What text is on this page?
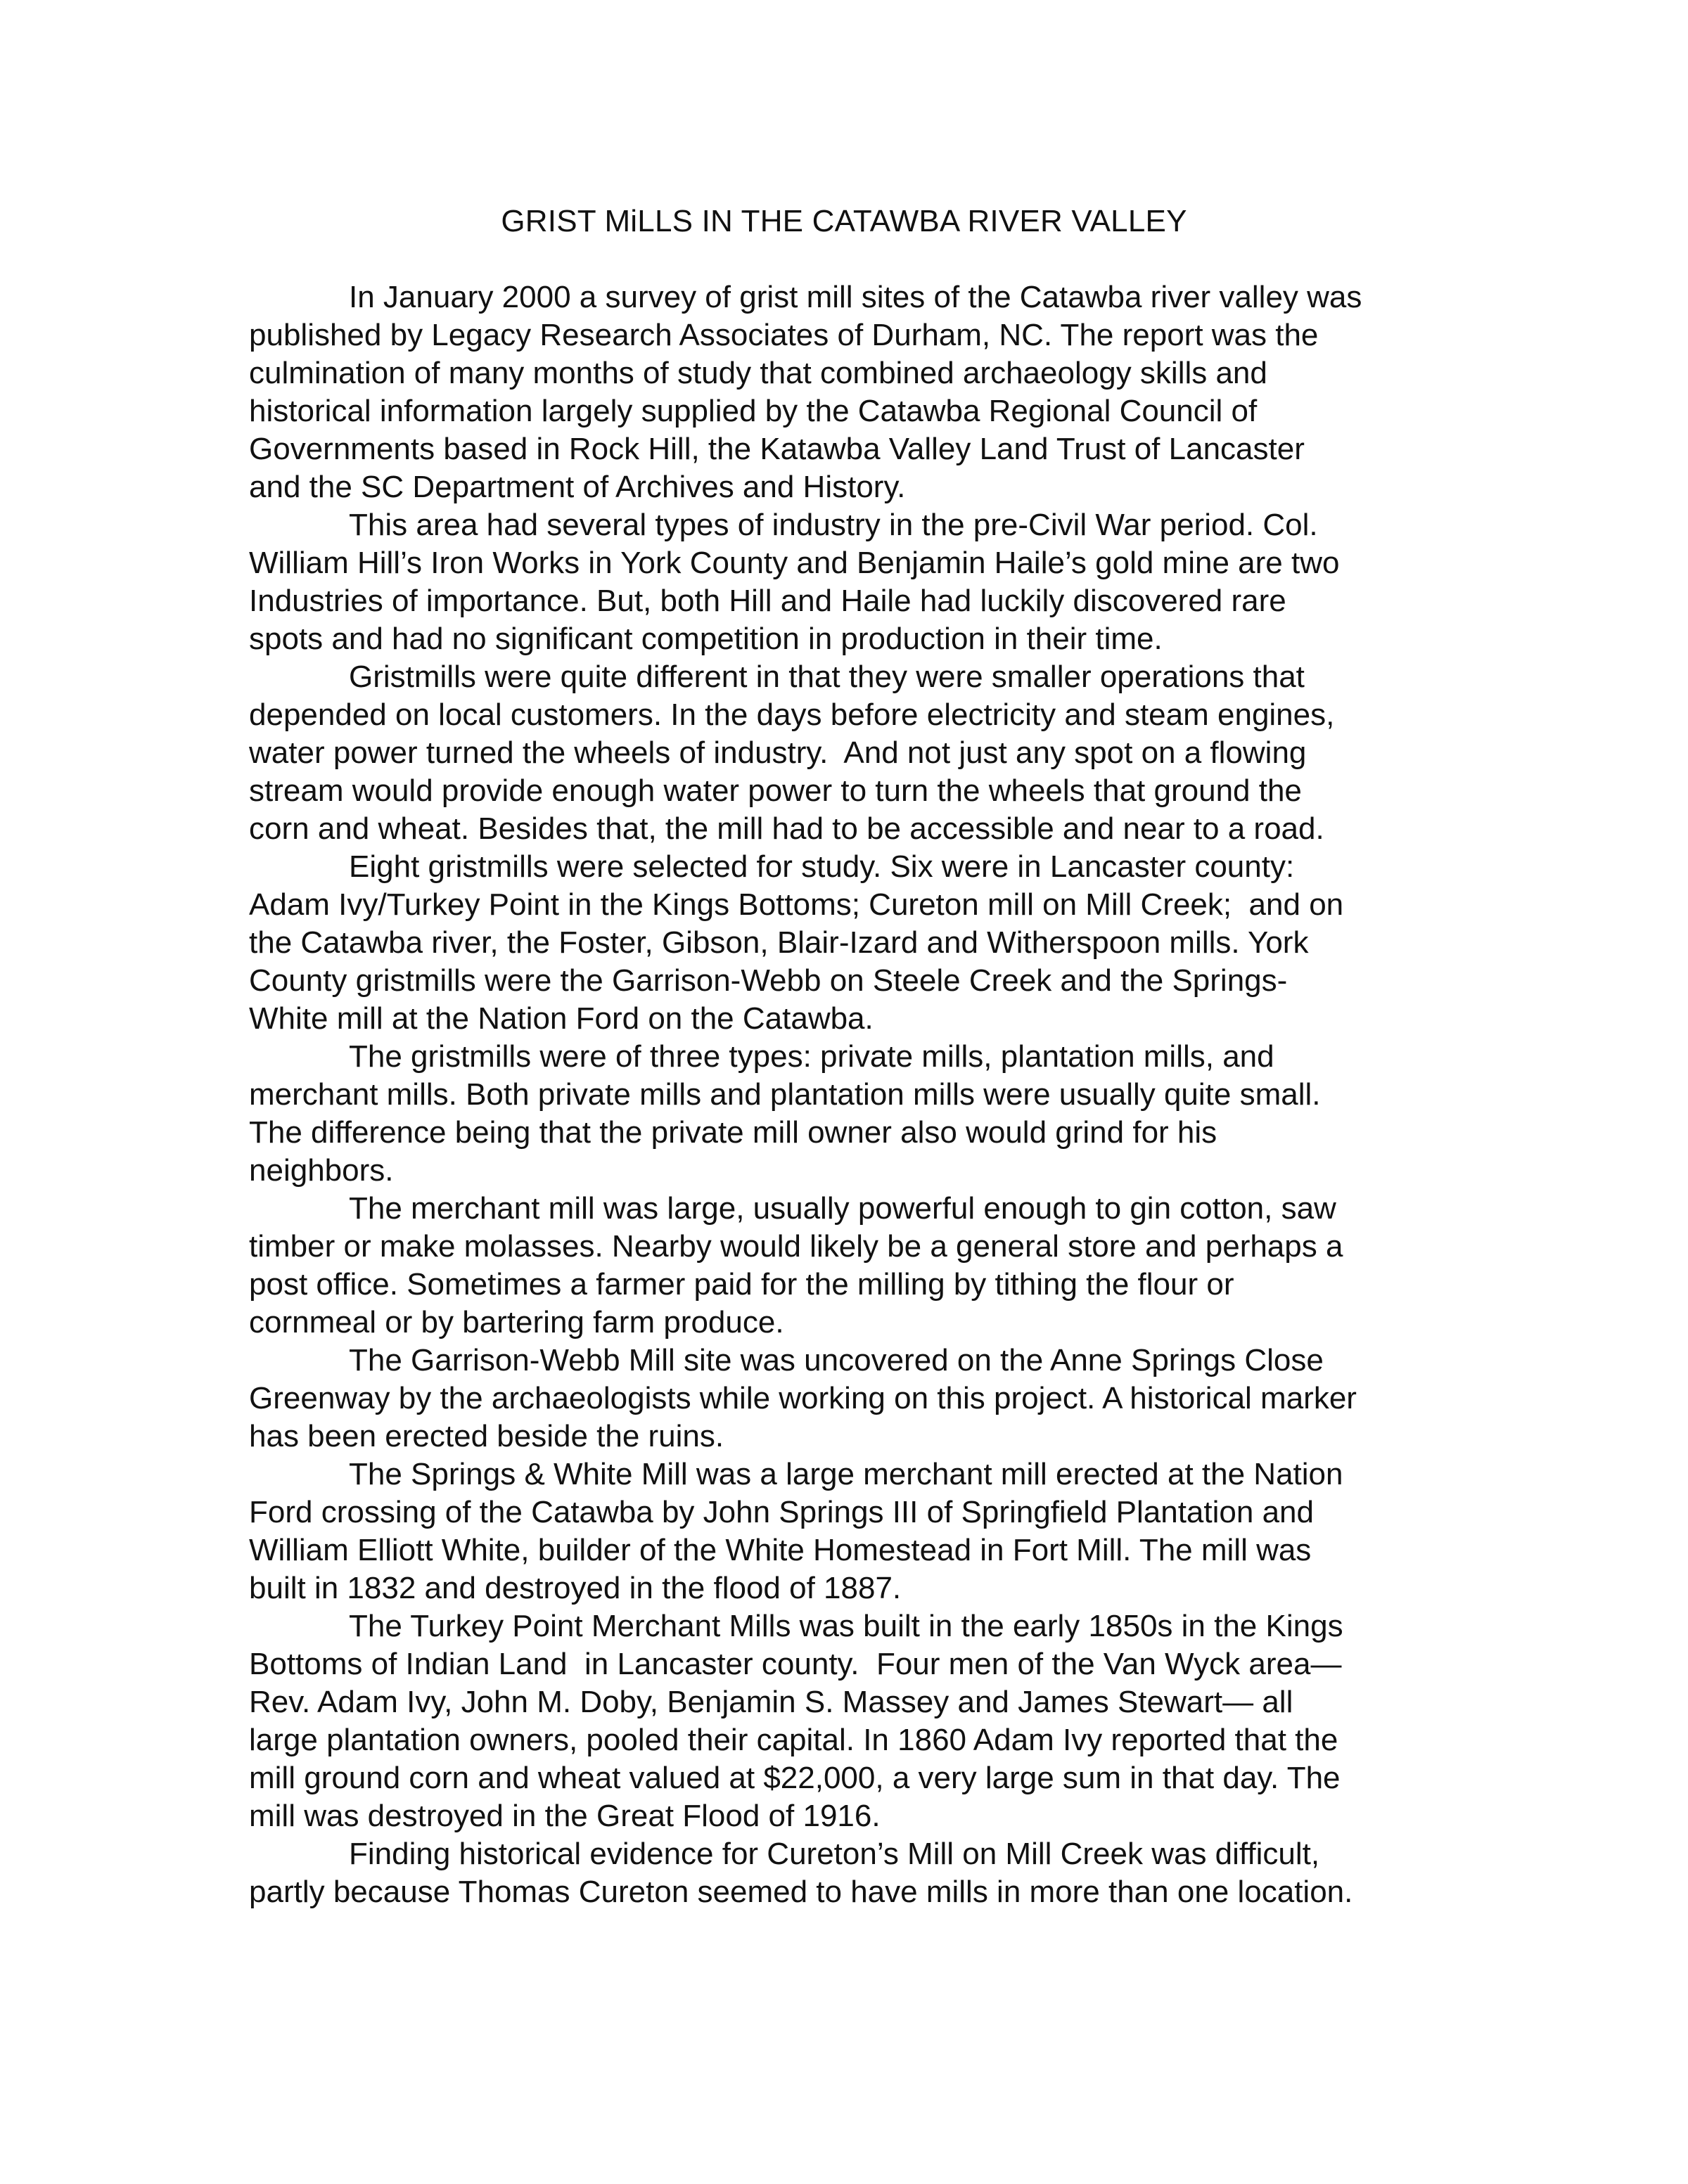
GRIST MiLLS IN THE CATAWBA RIVER VALLEY
In January 2000 a survey of grist mill sites of the Catawba river valley was
published by Legacy Research Associates of Durham, NC. The report was the
culmination of many months of study that combined archaeology skills and
historical information largely supplied by the Catawba Regional Council of
Governments based in Rock Hill, the Katawba Valley Land Trust of Lancaster
and the SC Department of Archives and History.
This area had several types of industry in the pre-Civil War period. Col.
William Hill’s Iron Works in York County and Benjamin Haile’s gold mine are two
Industries of importance. But, both Hill and Haile had luckily discovered rare
spots and had no significant competition in production in their time.
Gristmills were quite different in that they were smaller operations that
depended on local customers. In the days before electricity and steam engines,
water power turned the wheels of industry.  And not just any spot on a flowing
stream would provide enough water power to turn the wheels that ground the
corn and wheat. Besides that, the mill had to be accessible and near to a road.
Eight gristmills were selected for study. Six were in Lancaster county:
Adam Ivy/Turkey Point in the Kings Bottoms; Cureton mill on Mill Creek;  and on
the Catawba river, the Foster, Gibson, Blair-Izard and Witherspoon mills. York
County gristmills were the Garrison-Webb on Steele Creek and the Springs-
White mill at the Nation Ford on the Catawba.
The gristmills were of three types: private mills, plantation mills, and
merchant mills. Both private mills and plantation mills were usually quite small.
The difference being that the private mill owner also would grind for his
neighbors.
The merchant mill was large, usually powerful enough to gin cotton, saw
timber or make molasses. Nearby would likely be a general store and perhaps a
post office. Sometimes a farmer paid for the milling by tithing the flour or
cornmeal or by bartering farm produce.
The Garrison-Webb Mill site was uncovered on the Anne Springs Close
Greenway by the archaeologists while working on this project. A historical marker
has been erected beside the ruins.
The Springs & White Mill was a large merchant mill erected at the Nation
Ford crossing of the Catawba by John Springs III of Springfield Plantation and
William Elliott White, builder of the White Homestead in Fort Mill. The mill was
built in 1832 and destroyed in the flood of 1887.
The Turkey Point Merchant Mills was built in the early 1850s in the Kings
Bottoms of Indian Land  in Lancaster county.  Four men of the Van Wyck area—
Rev. Adam Ivy, John M. Doby, Benjamin S. Massey and James Stewart— all
large plantation owners, pooled their capital. In 1860 Adam Ivy reported that the
mill ground corn and wheat valued at $22,000, a very large sum in that day. The
mill was destroyed in the Great Flood of 1916.
Finding historical evidence for Cureton’s Mill on Mill Creek was difficult,
partly because Thomas Cureton seemed to have mills in more than one location.
